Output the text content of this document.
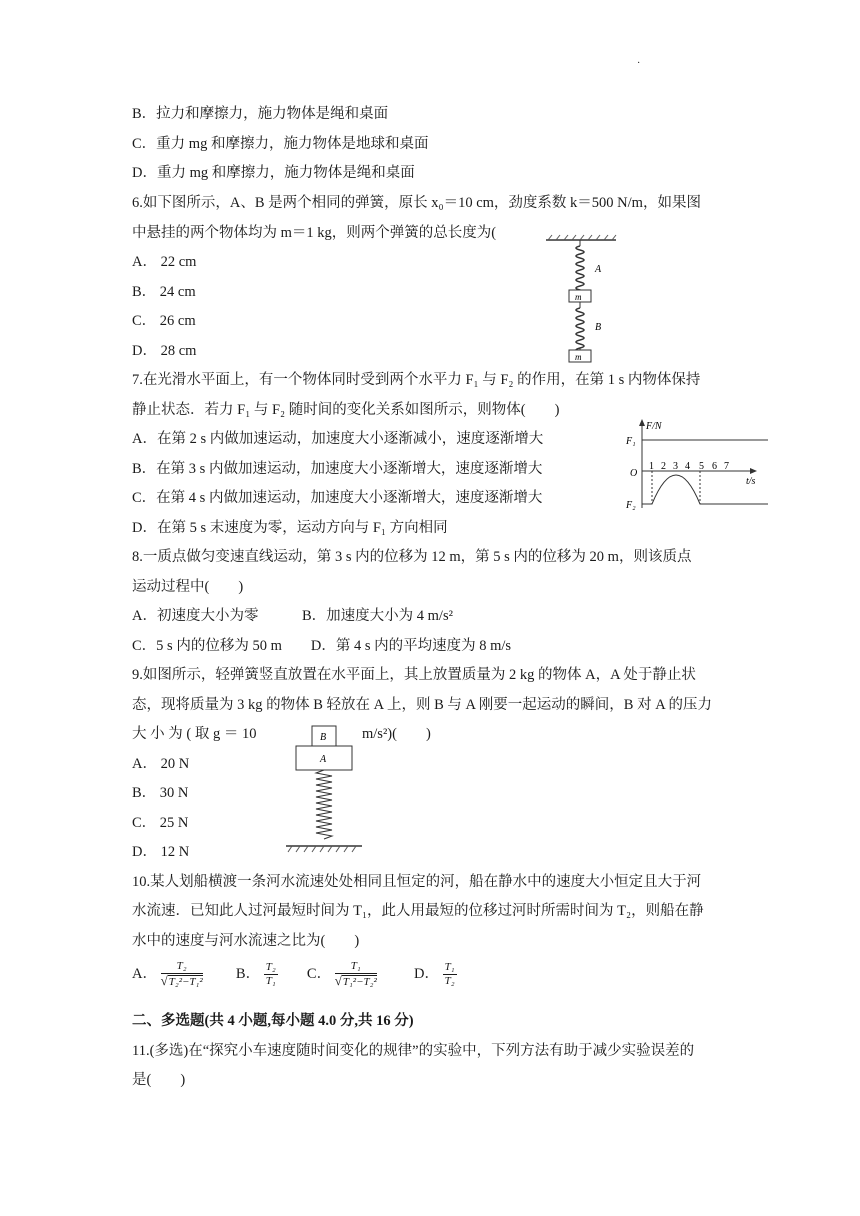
·
B．拉力和摩擦力，施力物体是绳和桌面
C．重力 mg 和摩擦力，施力物体是地球和桌面
D．重力 mg 和摩擦力，施力物体是绳和桌面
6.如下图所示，A、B 是两个相同的弹簧，原长 x₀＝10 cm，劲度系数 k＝500 N/m，如果图
中悬挂的两个物体均为 m＝1 kg，则两个弹簧的总长度为(
A． 22 cm
B． 24 cm
C． 26 cm
D． 28 cm
A
m
B
m
7.在光滑水平面上，有一个物体同时受到两个水平力 F₁ 与 F₂ 的作用，在第 1 s 内物体保持
静止状态．若力 F₁ 与 F₂ 随时间的变化关系如图所示，则物体(　　)
A．在第 2 s 内做加速运动，加速度大小逐渐减小，速度逐渐增大
B．在第 3 s 内做加速运动，加速度大小逐渐增大，速度逐渐增大
C．在第 4 s 内做加速运动，加速度大小逐渐增大，速度逐渐增大
D．在第 5 s 末速度为零，运动方向与 F₁ 方向相同
F/N
F₁
O
t/s
1 2 3 4 5 6 7
F₂
8.一质点做匀变速直线运动，第 3 s 内的位移为 12 m，第 5 s 内的位移为 20 m，则该质点
运动过程中(　　)
A．初速度大小为零　　　B．加速度大小为 4 m/s²
C．5 s 内的位移为 50 m　　D．第 4 s 内的平均速度为 8 m/s
9.如图所示，轻弹簧竖直放置在水平面上，其上放置质量为 2 kg 的物体 A，A 处于静止状
态，现将质量为 3 kg 的物体 B 轻放在 A 上，则 B 与 A 刚要一起运动的瞬间，B 对 A 的压力
大 小 为 ( 取 g ＝ 10	m/s²)(　　)
A． 20 N
B． 30 N
C． 25 N
D． 12 N
B
A
10.某人划船横渡一条河水流速处处相同且恒定的河，船在静水中的速度大小恒定且大于河
水流速．已知此人过河最短时间为 T₁，此人用最短的位移过河时所需时间为 T₂，则船在静
水中的速度与河水流速之比为(　　)
A． $\frac{\text{T₂}}{\text{√T₂²−T₁²}}$ B． $\frac{\text{T₂}}{\text{T₁}}$ C． $\frac{\text{T₁}}{\text{√T₁²−T₂²}}$	D． $\frac{\text{T₁}}{\text{T₂}}$
二、多选题(共 4 小题,每小题 4.0 分,共 16 分)
11.(多选)在“探究小车速度随时间变化的规律”的实验中，下列方法有助于减少实验误差的
是(　　)
